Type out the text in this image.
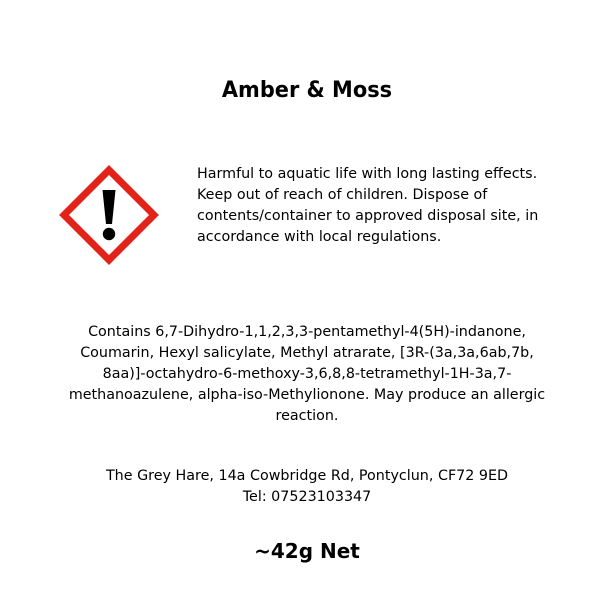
Amber & Moss
Harmful to aquatic life with long lasting effects.
Keep out of reach of children. Dispose of
contents/container to approved disposal site, in
accordance with local regulations.
Contains 6,7-Dihydro-1,1,2,3,3-pentamethyl-4(5H)-indanone,
Coumarin, Hexyl salicylate, Methyl atrarate, [3R-(3a,3a,6ab,7b,
8aa)]-octahydro-6-methoxy-3,6,8,8-tetramethyl-1H-3a,7-
methanoazulene, alpha-iso-Methylionone. May produce an allergic
reaction.
The Grey Hare, 14a Cowbridge Rd, Pontyclun, CF72 9ED
Tel: 07523103347
~42g Net
